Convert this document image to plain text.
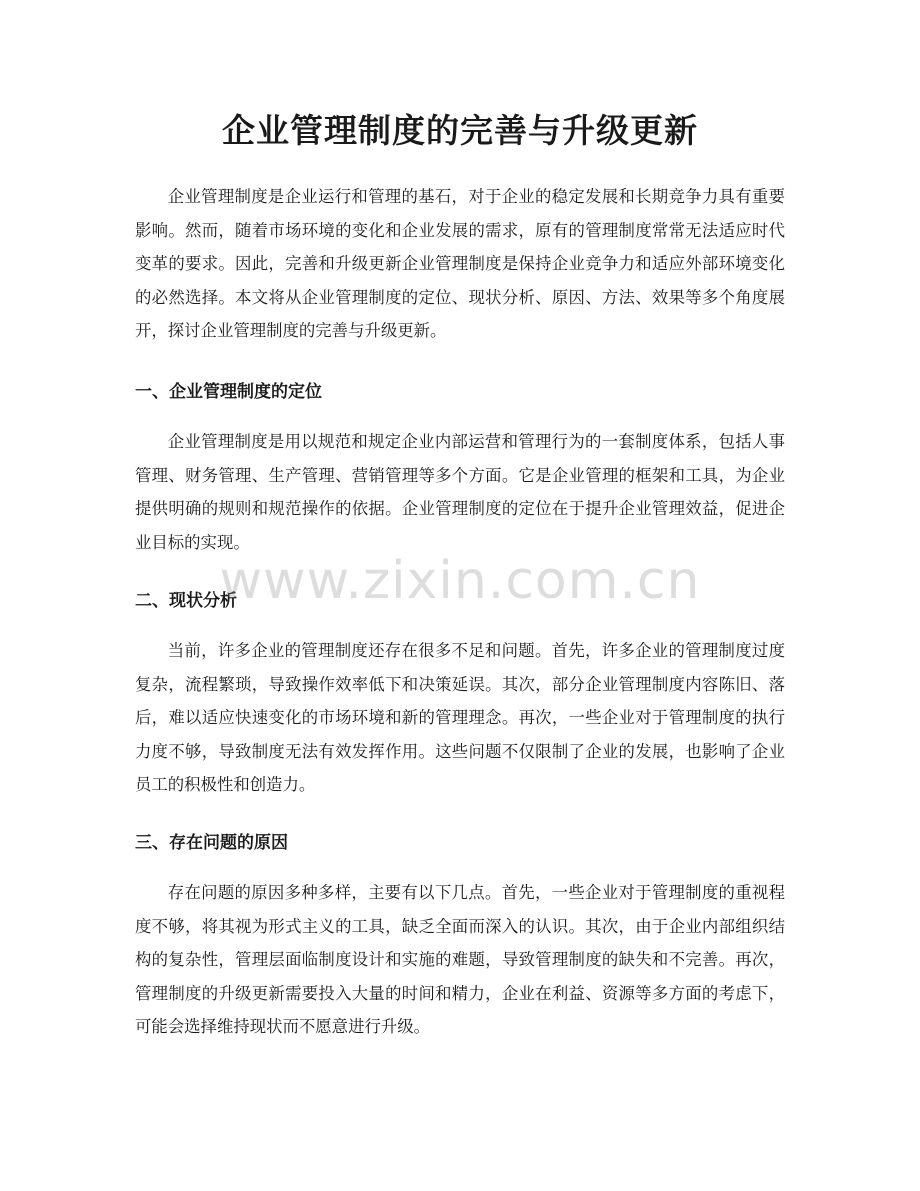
企业管理制度的完善与升级更新

企业管理制度是企业运行和管理的基石，对于企业的稳定发展和长期竞争力具有重要影响。然而，随着市场环境的变化和企业发展的需求，原有的管理制度常常无法适应时代变革的要求。因此，完善和升级更新企业管理制度是保持企业竞争力和适应外部环境变化的必然选择。本文将从企业管理制度的定位、现状分析、原因、方法、效果等多个角度展开，探讨企业管理制度的完善与升级更新。

一、企业管理制度的定位

企业管理制度是用以规范和规定企业内部运营和管理行为的一套制度体系，包括人事管理、财务管理、生产管理、营销管理等多个方面。它是企业管理的框架和工具，为企业提供明确的规则和规范操作的依据。企业管理制度的定位在于提升企业管理效益，促进企业目标的实现。

二、现状分析

当前，许多企业的管理制度还存在很多不足和问题。首先，许多企业的管理制度过度复杂，流程繁琐，导致操作效率低下和决策延误。其次，部分企业管理制度内容陈旧、落后，难以适应快速变化的市场环境和新的管理理念。再次，一些企业对于管理制度的执行力度不够，导致制度无法有效发挥作用。这些问题不仅限制了企业的发展，也影响了企业员工的积极性和创造力。

三、存在问题的原因

存在问题的原因多种多样，主要有以下几点。首先，一些企业对于管理制度的重视程度不够，将其视为形式主义的工具，缺乏全面而深入的认识。其次，由于企业内部组织结构的复杂性，管理层面临制度设计和实施的难题，导致管理制度的缺失和不完善。再次，管理制度的升级更新需要投入大量的时间和精力，企业在利益、资源等多方面的考虑下，可能会选择维持现状而不愿意进行升级。

www.zixin.com.cn
